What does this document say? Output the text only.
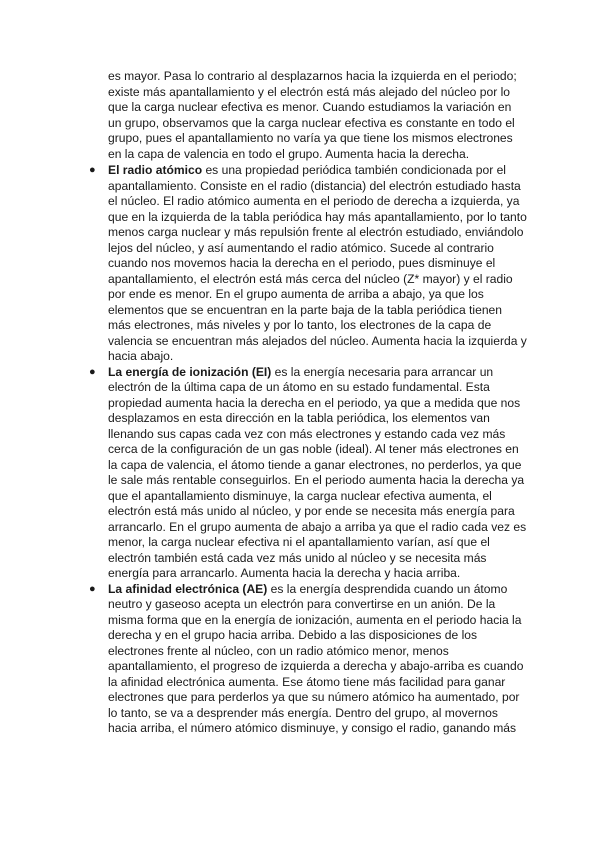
es mayor. Pasa lo contrario al desplazarnos hacia la izquierda en el periodo; existe más apantallamiento y el electrón está más alejado del núcleo por lo que la carga nuclear efectiva es menor. Cuando estudiamos la variación en un grupo, observamos que la carga nuclear efectiva es constante en todo el grupo, pues el apantallamiento no varía ya que tiene los mismos electrones en la capa de valencia en todo el grupo. Aumenta hacia la derecha.

● El radio atómico es una propiedad periódica también condicionada por el apantallamiento. Consiste en el radio (distancia) del electrón estudiado hasta el núcleo. El radio atómico aumenta en el periodo de derecha a izquierda, ya que en la izquierda de la tabla periódica hay más apantallamiento, por lo tanto menos carga nuclear y más repulsión frente al electrón estudiado, enviándolo lejos del núcleo, y así aumentando el radio atómico. Sucede al contrario cuando nos movemos hacia la derecha en el periodo, pues disminuye el apantallamiento, el electrón está más cerca del núcleo (Z* mayor) y el radio por ende es menor. En el grupo aumenta de arriba a abajo, ya que los elementos que se encuentran en la parte baja de la tabla periódica tienen más electrones, más niveles y por lo tanto, los electrones de la capa de valencia se encuentran más alejados del núcleo. Aumenta hacia la izquierda y hacia abajo.
● La energía de ionización (EI) es la energía necesaria para arrancar un electrón de la última capa de un átomo en su estado fundamental. Esta propiedad aumenta hacia la derecha en el periodo, ya que a medida que nos desplazamos en esta dirección en la tabla periódica, los elementos van llenando sus capas cada vez con más electrones y estando cada vez más cerca de la configuración de un gas noble (ideal). Al tener más electrones en la capa de valencia, el átomo tiende a ganar electrones, no perderlos, ya que le sale más rentable conseguirlos. En el periodo aumenta hacia la derecha ya que el apantallamiento disminuye, la carga nuclear efectiva aumenta, el electrón está más unido al núcleo, y por ende se necesita más energía para arrancarlo. En el grupo aumenta de abajo a arriba ya que el radio cada vez es menor, la carga nuclear efectiva ni el apantallamiento varían, así que el electrón también está cada vez más unido al núcleo y se necesita más energía para arrancarlo. Aumenta hacia la derecha y hacia arriba.
● La afinidad electrónica (AE) es la energía desprendida cuando un átomo neutro y gaseoso acepta un electrón para convertirse en un anión. De la misma forma que en la energía de ionización, aumenta en el periodo hacia la derecha y en el grupo hacia arriba. Debido a las disposiciones de los electrones frente al núcleo, con un radio atómico menor, menos apantallamiento, el progreso de izquierda a derecha y abajo-arriba es cuando la afinidad electrónica aumenta. Ese átomo tiene más facilidad para ganar electrones que para perderlos ya que su número atómico ha aumentado, por lo tanto, se va a desprender más energía. Dentro del grupo, al movernos hacia arriba, el número atómico disminuye, y consigo el radio, ganando más
